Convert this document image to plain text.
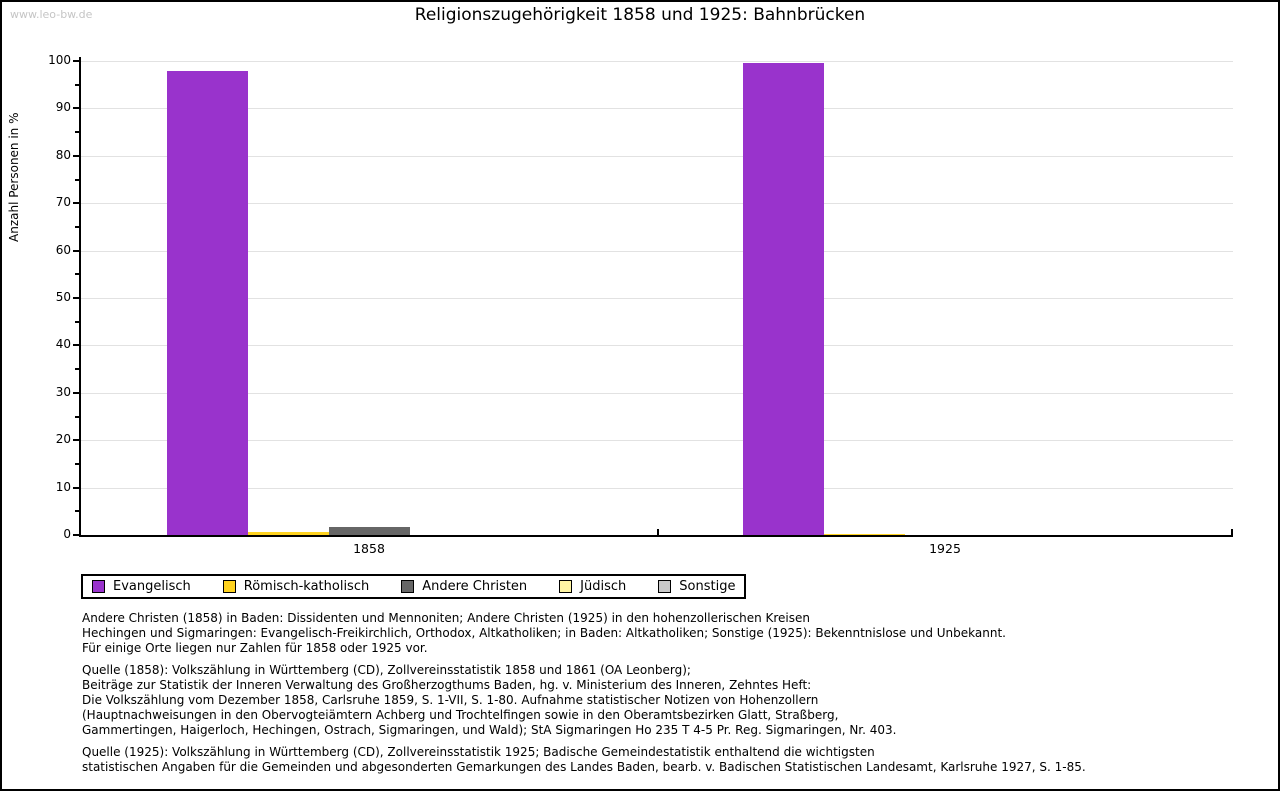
www.leo-bw.de	Religionszugehörigkeit 1858 und 1925: Bahnbrücken
Anzahl Personen in %
0
10
20
30
40
50
60
70
80
90
100
1858	1925
Evangelisch	Römisch-katholisch	Andere Christen	Jüdisch	Sonstige
Andere Christen (1858) in Baden: Dissidenten und Mennoniten; Andere Christen (1925) in den hohenzollerischen Kreisen
Hechingen und Sigmaringen: Evangelisch-Freikirchlich, Orthodox, Altkatholiken; in Baden: Altkatholiken; Sonstige (1925): Bekenntnislose und Unbekannt.
Für einige Orte liegen nur Zahlen für 1858 oder 1925 vor.
Quelle (1858): Volkszählung in Württemberg (CD), Zollvereinsstatistik 1858 und 1861 (OA Leonberg);
Beiträge zur Statistik der Inneren Verwaltung des Großherzogthums Baden, hg. v. Ministerium des Inneren, Zehntes Heft:
Die Volkszählung vom Dezember 1858, Carlsruhe 1859, S. 1-VII, S. 1-80. Aufnahme statistischer Notizen von Hohenzollern
(Hauptnachweisungen in den Obervogteiämtern Achberg und Trochtelfingen sowie in den Oberamtsbezirken Glatt, Straßberg,
Gammertingen, Haigerloch, Hechingen, Ostrach, Sigmaringen, und Wald); StA Sigmaringen Ho 235 T 4-5 Pr. Reg. Sigmaringen, Nr. 403.
Quelle (1925): Volkszählung in Württemberg (CD), Zollvereinsstatistik 1925; Badische Gemeindestatistik enthaltend die wichtigsten
statistischen Angaben für die Gemeinden und abgesonderten Gemarkungen des Landes Baden, bearb. v. Badischen Statistischen Landesamt, Karlsruhe 1927, S. 1-85.
